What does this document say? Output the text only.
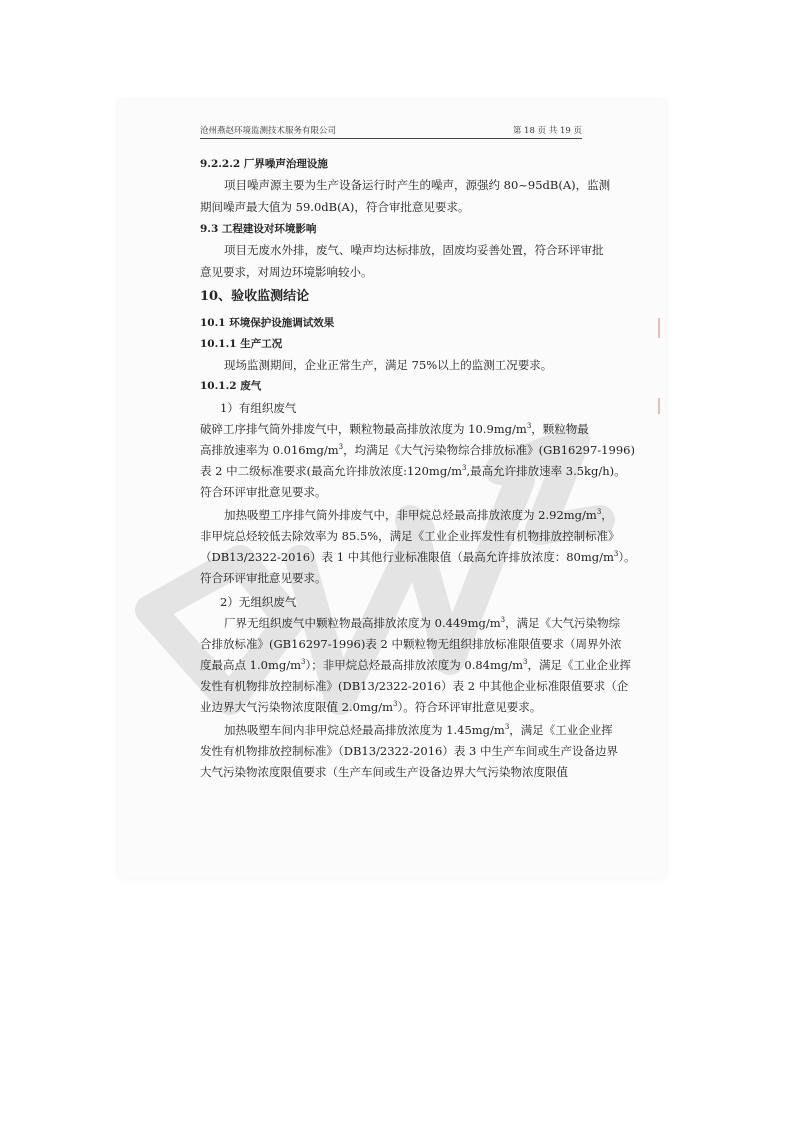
沧州燕赵环境监测技术服务有限公司	第 18 页 共 19 页
9.2.2.2 厂界噪声治理设施
项目噪声源主要为生产设备运行时产生的噪声，源强约 80~95dB(A)，监测
期间噪声最大值为 59.0dB(A)，符合审批意见要求。
9.3 工程建设对环境影响
项目无废水外排，废气、噪声均达标排放，固废均妥善处置，符合环评审批
意见要求，对周边环境影响较小。
10、验收监测结论
10.1 环境保护设施调试效果
10.1.1 生产工况
现场监测期间，企业正常生产，满足 75%以上的监测工况要求。
10.1.2 废气
1）有组织废气
破碎工序排气筒外排废气中，颗粒物最高排放浓度为 $10.9mg/m^3$，颗粒物最
高排放速率为 $0.016mg/m^3$，均满足《大气污染物综合排放标准》(GB16297-1996)
表 2 中二级标准要求(最高允许排放浓度$:120mg/m^3$,最高允许排放速率 3.5kg/h)。
符合环评审批意见要求。
加热吸塑工序排气筒外排废气中，非甲烷总烃最高排放浓度为 $2.92mg/m^3$，
非甲烷总烃较低去除效率为 85.5%，满足《工业企业挥发性有机物排放控制标准》
（DB13/2322-2016）表 1 中其他行业标准限值（最高允许排放浓度：$80mg/m^3$）。
符合环评审批意见要求。
2）无组织废气
厂界无组织废气中颗粒物最高排放浓度为 $0.449mg/m^3$，满足《大气污染物综
合排放标准》(GB16297-1996)表 2 中颗粒物无组织排放标准限值要求（周界外浓
度最高点 $1.0mg/m^3$）；非甲烷总烃最高排放浓度为 $0.84mg/m^3$，满足《工业企业挥
发性有机物排放控制标准》(DB13/2322-2016）表 2 中其他企业标准限值要求（企
业边界大气污染物浓度限值 $2.0mg/m^3$）。符合环评审批意见要求。
加热吸塑车间内非甲烷总烃最高排放浓度为 $1.45mg/m^3$，满足《工业企业挥
发性有机物排放控制标准》（DB13/2322-2016）表 3 中生产车间或生产设备边界
大气污染物浓度限值要求（生产车间或生产设备边界大气污染物浓度限值
